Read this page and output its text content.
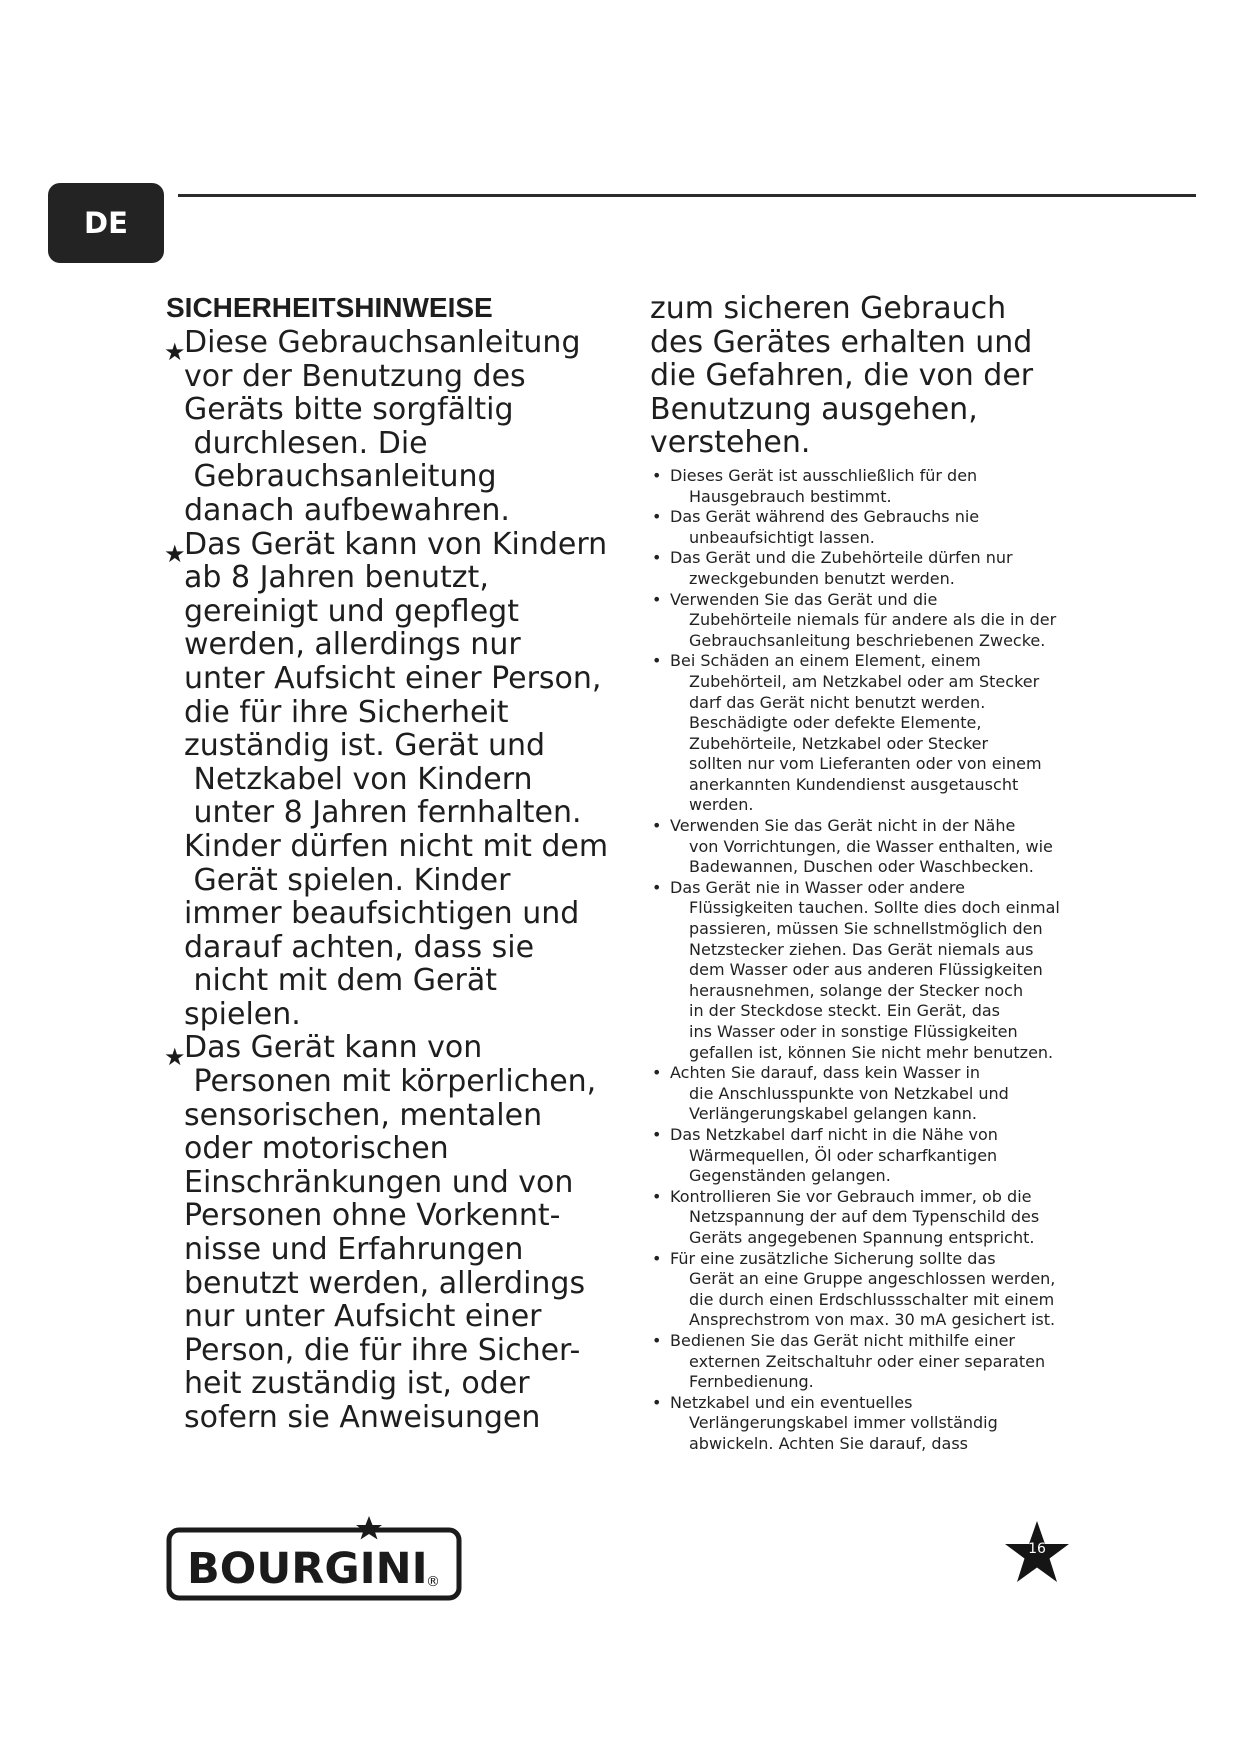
DE
SICHERHEITSHINWEISE
★
Diese Gebrauchsanleitung
vor der Benutzung des
Geräts bitte sorgfältig
durchlesen. Die
Gebrauchsanleitung
danach aufbewahren.
★
Das Gerät kann von Kindern
ab 8 Jahren benutzt,
gereinigt und gepflegt
werden, allerdings nur
unter Aufsicht einer Person,
die für ihre Sicherheit
zuständig ist. Gerät und
Netzkabel von Kindern
unter 8 Jahren fernhalten.
Kinder dürfen nicht mit dem
Gerät spielen. Kinder
immer beaufsichtigen und
darauf achten, dass sie
nicht mit dem Gerät
spielen.
★
Das Gerät kann von
Personen mit körperlichen,
sensorischen, mentalen
oder motorischen
Einschränkungen und von
Personen ohne Vorkennt-
nisse und Erfahrungen
benutzt werden, allerdings
nur unter Aufsicht einer
Person, die für ihre Sicher-
heit zuständig ist, oder
sofern sie Anweisungen
zum sicheren Gebrauch
des Gerätes erhalten und
die Gefahren, die von der
Benutzung ausgehen,
verstehen.
• Dieses Gerät ist ausschließlich für den
Hausgebrauch bestimmt.
• Das Gerät während des Gebrauchs nie
unbeaufsichtigt lassen.
• Das Gerät und die Zubehörteile dürfen nur
zweckgebunden benutzt werden.
• Verwenden Sie das Gerät und die
Zubehörteile niemals für andere als die in der
Gebrauchsanleitung beschriebenen Zwecke.
• Bei Schäden an einem Element, einem
Zubehörteil, am Netzkabel oder am Stecker
darf das Gerät nicht benutzt werden.
Beschädigte oder defekte Elemente,
Zubehörteile, Netzkabel oder Stecker
sollten nur vom Lieferanten oder von einem
anerkannten Kundendienst ausgetauscht
werden.
• Verwenden Sie das Gerät nicht in der Nähe
von Vorrichtungen, die Wasser enthalten, wie
Badewannen, Duschen oder Waschbecken.
• Das Gerät nie in Wasser oder andere
Flüssigkeiten tauchen. Sollte dies doch einmal
passieren, müssen Sie schnellstmöglich den
Netzstecker ziehen. Das Gerät niemals aus
dem Wasser oder aus anderen Flüssigkeiten
herausnehmen, solange der Stecker noch
in der Steckdose steckt. Ein Gerät, das
ins Wasser oder in sonstige Flüssigkeiten
gefallen ist, können Sie nicht mehr benutzen.
• Achten Sie darauf, dass kein Wasser in
die Anschlusspunkte von Netzkabel und
Verlängerungskabel gelangen kann.
• Das Netzkabel darf nicht in die Nähe von
Wärmequellen, Öl oder scharfkantigen
Gegenständen gelangen.
• Kontrollieren Sie vor Gebrauch immer, ob die
Netzspannung der auf dem Typenschild des
Geräts angegebenen Spannung entspricht.
• Für eine zusätzliche Sicherung sollte das
Gerät an eine Gruppe angeschlossen werden,
die durch einen Erdschlussschalter mit einem
Ansprechstrom von max. 30 mA gesichert ist.
• Bedienen Sie das Gerät nicht mithilfe einer
externen Zeitschaltuhr oder einer separaten
Fernbedienung.
• Netzkabel und ein eventuelles
Verlängerungskabel immer vollständig
abwickeln. Achten Sie darauf, dass
BOURGINI
®
16
